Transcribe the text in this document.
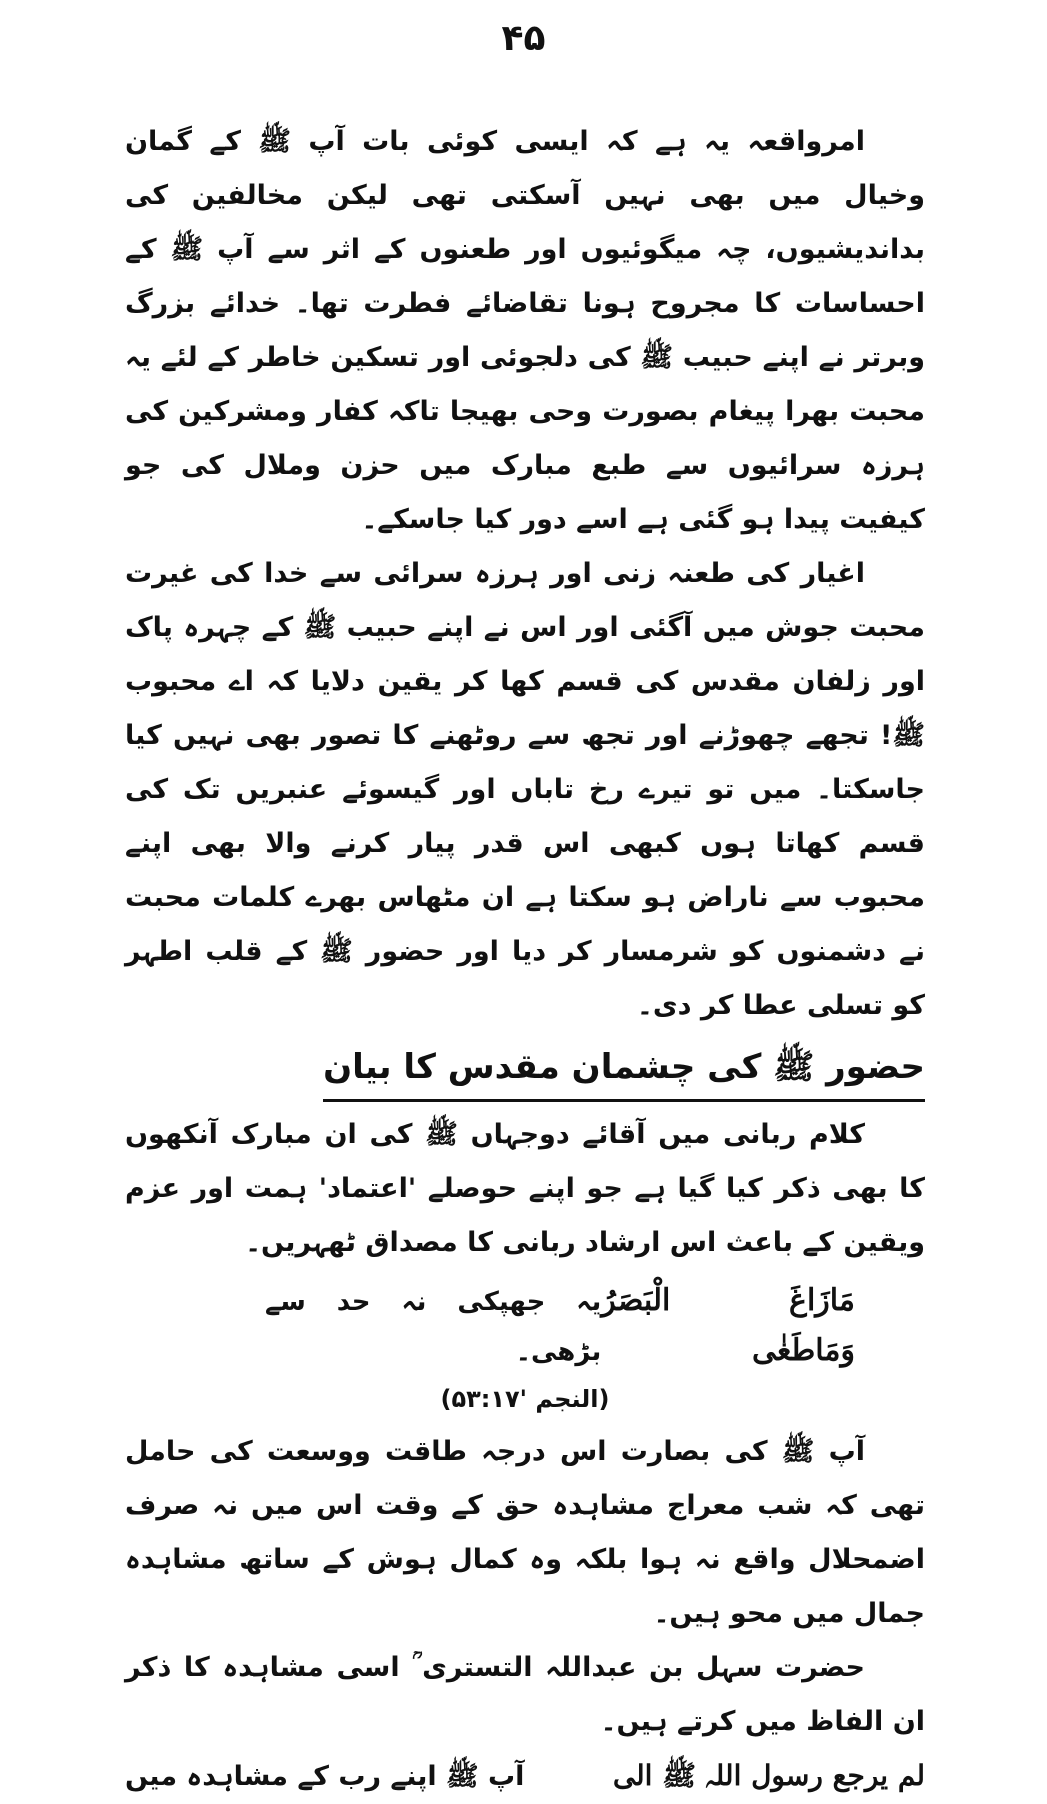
۴۵

امرواقعہ یہ ہے کہ ایسی کوئی بات آپ ﷺ کے گمان وخیال میں بھی نہیں آسکتی تھی لیکن مخالفین کی بداندیشیوں، چہ میگوئیوں اور طعنوں کے اثر سے آپ ﷺ کے احساسات کا مجروح ہونا تقاضائے فطرت تھا۔ خدائے بزرگ وبرتر نے اپنے حبیب ﷺ کی دلجوئی اور تسکین خاطر کے لئے یہ محبت بھرا پیغام بصورت وحی بھیجا تاکہ کفار ومشرکین کی ہرزہ سرائیوں سے طبع مبارک میں حزن وملال کی جو کیفیت پیدا ہو گئی ہے اسے دور کیا جاسکے۔

اغیار کی طعنہ زنی اور ہرزہ سرائی سے خدا کی غیرت محبت جوش میں آگئی اور اس نے اپنے حبیب ﷺ کے چہرہ پاک اور زلفان مقدس کی قسم کھا کر یقین دلایا کہ اے محبوب ﷺ! تجھے چھوڑنے اور تجھ سے روٹھنے کا تصور بھی نہیں کیا جاسکتا۔ میں تو تیرے رخ تاباں اور گیسوئے عنبریں تک کی قسم کھاتا ہوں کبھی اس قدر پیار کرنے والا بھی اپنے محبوب سے ناراض ہو سکتا ہے ان مٹھاس بھرے کلمات محبت نے دشمنوں کو شرمسار کر دیا اور حضور ﷺ کے قلب اطہر کو تسلی عطا کر دی۔

حضور ﷺ کی چشمان مقدس کا بیان

کلام ربانی میں آقائے دوجہاں ﷺ کی ان مبارک آنکھوں کا بھی ذکر کیا گیا ہے جو اپنے حوصلے 'اعتماد' ہمت اور عزم ویقین کے باعث اس ارشاد ربانی کا مصداق ٹھہریں۔

مَازَاغَ الْبَصَرُ وَمَاطَغٰی
یہ جھپکی نہ حد سے بڑھی۔
(النجم '۵۳:۱۷)

آپ ﷺ کی بصارت اس درجہ طاقت ووسعت کی حامل تھی کہ شب معراج مشاہدہ حق کے وقت اس میں نہ صرف اضمحلال واقع نہ ہوا بلکہ وہ کمال ہوش کے ساتھ مشاہدہ جمال میں محو ہیں۔

حضرت سہل بن عبداللہ التستری ؒ اسی مشاہدہ کا ذکر ان الفاظ میں کرتے ہیں۔

لم یرجع رسول اللہ ﷺ الی
آپ ﷺ اپنے رب کے مشاہدہ میں
